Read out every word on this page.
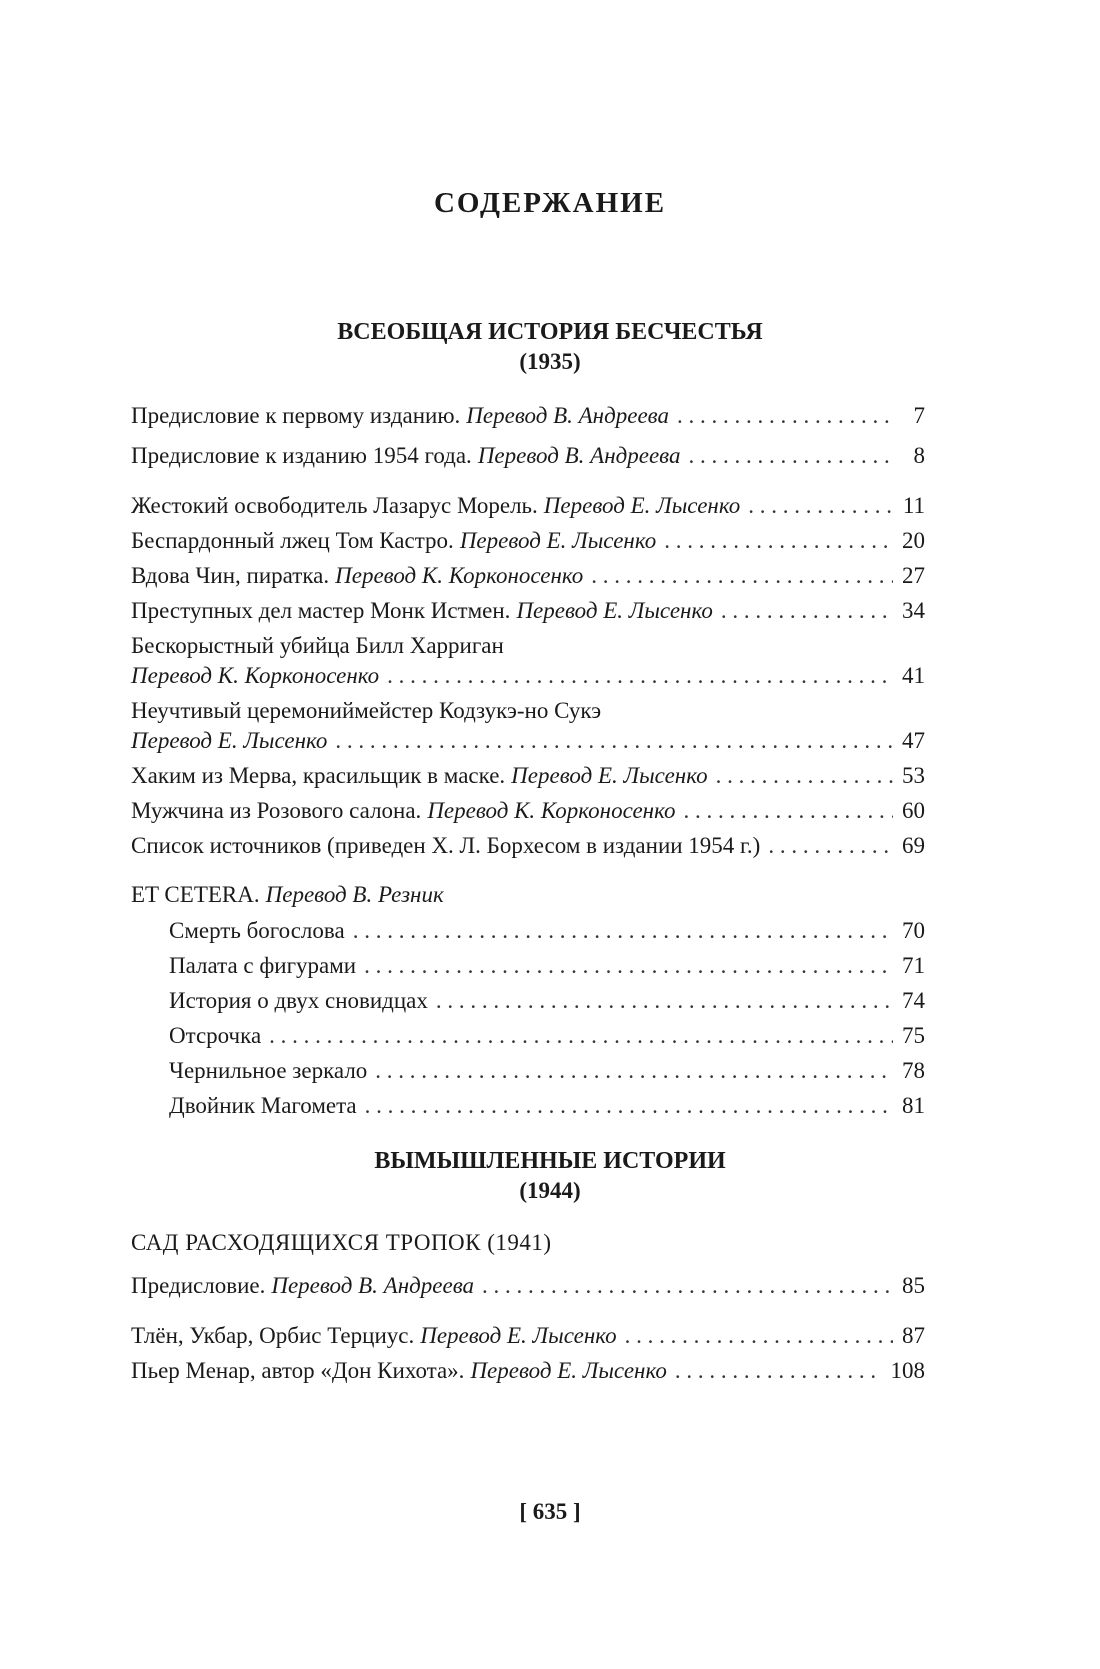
СОДЕРЖАНИЕ
ВСЕОБЩАЯ ИСТОРИЯ БЕСЧЕСТЬЯ
(1935)
Предисловие к первому изданию. Перевод В. Андреева . . .	7
Предисловие к изданию 1954 года. Перевод В. Андреева . . .	8
Жестокий освободитель Лазарус Морель. Перевод Е. Лысенко . . .	11
Беспардонный лжец Том Кастро. Перевод Е. Лысенко . . .	20
Вдова Чин, пиратка. Перевод К. Корконосенко . . .	27
Преступных дел мастер Монк Истмен. Перевод Е. Лысенко . . .	34
Бескорыстный убийца Билл Харриган
Перевод К. Корконосенко . . .	41
Неучтивый церемониймейстер Кодзукэ-но Сукэ
Перевод Е. Лысенко . . .	47
Хаким из Мерва, красильщик в маске. Перевод Е. Лысенко . . .	53
Мужчина из Розового салона. Перевод К. Корконосенко . . .	60
Список источников (приведен Х. Л. Борхесом в издании 1954 г.) . . .	69
ET CETERA. Перевод В. Резник
Смерть богослова . . .	70
Палата с фигурами . . .	71
История о двух сновидцах . . .	74
Отсрочка . . .	75
Чернильное зеркало . . .	78
Двойник Магомета . . .	81
ВЫМЫШЛЕННЫЕ ИСТОРИИ
(1944)
САД РАСХОДЯЩИХСЯ ТРОПОК (1941)
Предисловие. Перевод В. Андреева . . .	85
Тлён, Укбар, Орбис Терциус. Перевод Е. Лысенко . . .	87
Пьер Менар, автор «Дон Кихота». Перевод Е. Лысенко . . .	108
[ 635 ]
